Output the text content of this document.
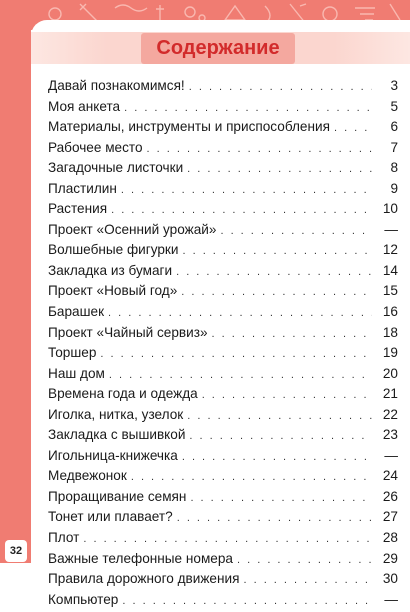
Содержание
Давай познакомимся! . . .	3
Моя анкета . . .	5
Материалы, инструменты и приспособления . . .	6
Рабочее место . . .	7
Загадочные листочки . . .	8
Пластилин . . .	9
Растения . . .	10
Проект «Осенний урожай» . . .	—
Волшебные фигурки . . .	12
Закладка из бумаги . . .	14
Проект «Новый год» . . .	15
Барашек . . .	16
Проект «Чайный сервиз» . . .	18
Торшер . . .	19
Наш дом . . .	20
Времена года и одежда . . .	21
Иголка, нитка, узелок . . .	22
Закладка с вышивкой . . .	23
Игольница-книжечка . . .	—
Медвежонок . . .	24
Проращивание семян . . .	26
Тонет или плавает? . . .	27
Плот . . .	28
Важные телефонные номера . . .	29
Правила дорожного движения . . .	30
Компьютер . . .	—
32
